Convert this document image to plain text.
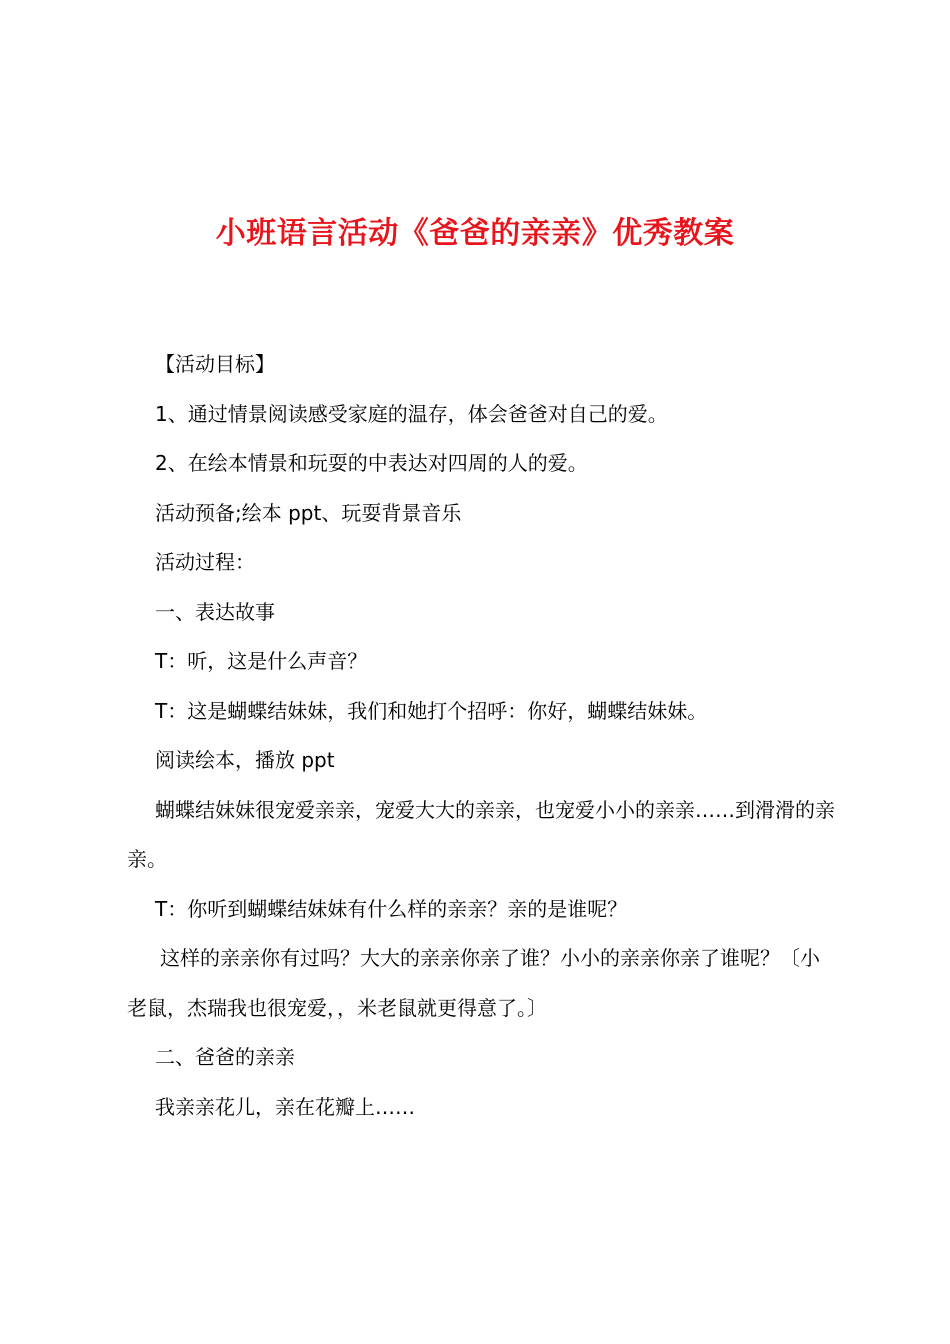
小班语言活动《爸爸的亲亲》优秀教案

【活动目标】

1、通过情景阅读感受家庭的温存，体会爸爸对自己的爱。

2、在绘本情景和玩耍的中表达对四周的人的爱。

活动预备;绘本 ppt、玩耍背景音乐

活动过程：

一、表达故事

T：听，这是什么声音？

T：这是蝴蝶结妹妹，我们和她打个招呼：你好，蝴蝶结妹妹。

阅读绘本，播放 ppt

蝴蝶结妹妹很宠爱亲亲，宠爱大大的亲亲，也宠爱小小的亲亲……到滑滑的亲亲。

T：你听到蝴蝶结妹妹有什么样的亲亲？亲的是谁呢？

这样的亲亲你有过吗？大大的亲亲你亲了谁？小小的亲亲你亲了谁呢？〔小老鼠，杰瑞我也很宠爱，，米老鼠就更得意了。〕

二、爸爸的亲亲

我亲亲花儿，亲在花瓣上……
